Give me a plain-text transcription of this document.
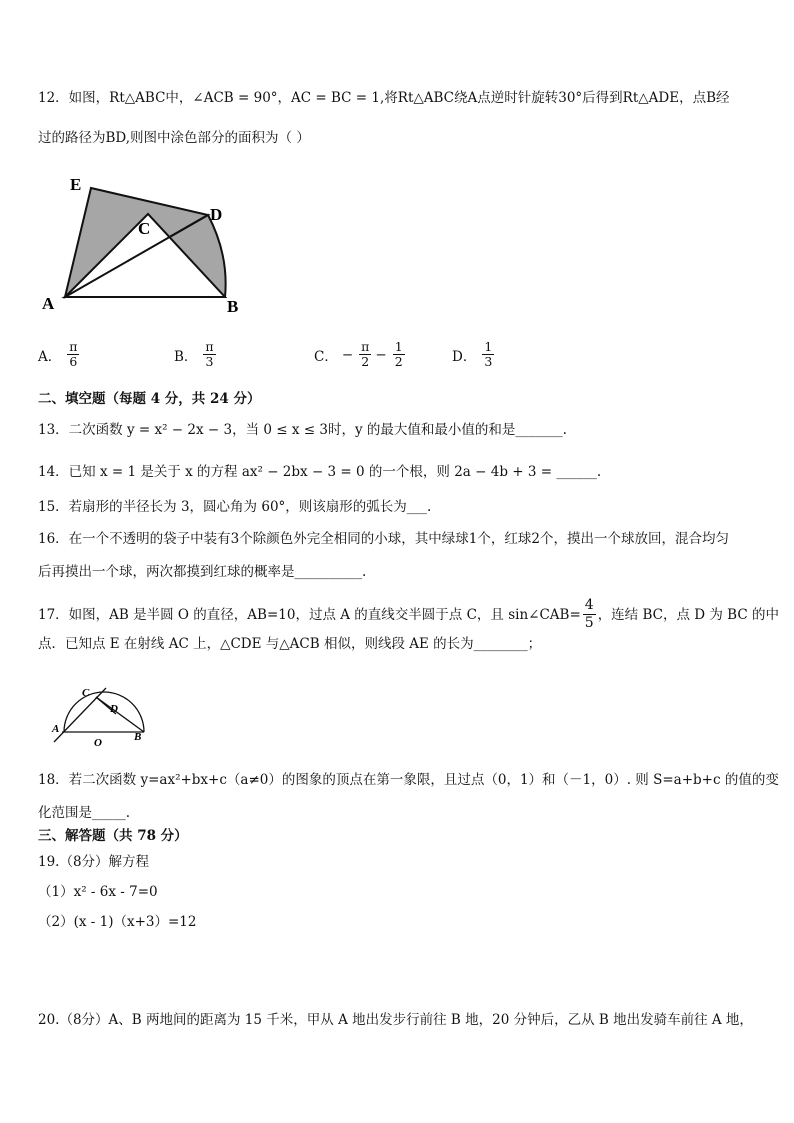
12．如图，Rt△ABC中，∠ACB = 90°，AC = BC = 1,将Rt△ABC绕A点逆时针旋转30°后得到Rt△ADE，点B经
过的路径为BD,则图中涂色部分的面积为（ ）
E
C
D
A	B
A． $\frac{\pi}{6}$	B． $\frac{\pi}{3}$	C． − $\frac{\pi}{2} - \frac{1}{2}$	D． $\frac{1}{3}$
二、填空题（每题 4 分，共 24 分）
13．二次函数 y = x² − 2x − 3，当 0 ≤ x ≤ 3时，y 的最大值和最小值的和是_______.
14．已知 x = 1 是关于 x 的方程 ax² − 2bx − 3 = 0 的一个根，则 2a − 4b + 3 = ______.
15．若扇形的半径长为 3，圆心角为 60°，则该扇形的弧长为___.
16．在一个不透明的袋子中装有3个除颜色外完全相同的小球，其中绿球1个，红球2个，摸出一个球放回，混合均匀
后再摸出一个球，两次都摸到红球的概率是__________.
17．如图，AB 是半圆 O 的直径，AB=10，过点 A 的直线交半圆于点 C，且 sin∠CAB= $\frac{4}{5}$ ，连结 BC，点 D 为 BC 的中
点．已知点 E 在射线 AC 上，△CDE 与△ACB 相似，则线段 AE 的长为________；
C
D
A
O	B
18．若二次函数 y=ax²+bx+c（a≠0）的图象的顶点在第一象限，且过点（0，1）和（－1，0）. 则 S=a+b+c 的值的变
化范围是_____.
三、解答题（共 78 分）
19.（8分）解方程
（1）x² - 6x - 7=0
（2）(x - 1)（x+3）=12
20.（8分）A、B 两地间的距离为 15 千米，甲从 A 地出发步行前往 B 地，20 分钟后，乙从 B 地出发骑车前往 A 地，
